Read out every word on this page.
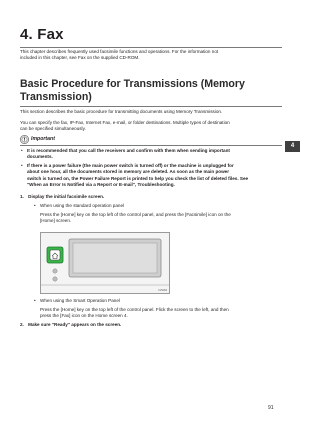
4. Fax
This chapter describes frequently used facsimile functions and operations. For the information not
included in this chapter, see Fax on the supplied CD-ROM.
Basic Procedure for Transmissions (Memory
Transmission)
This section describes the basic procedure for transmitting documents using Memory Transmission.
You can specify the fax, IP-Fax, Internet Fax, e-mail, or folder destinations. Multiple types of destination
can be specified simultaneously.
Important
• It is recommended that you call the receivers and confirm with them when sending important
documents.
• If there is a power failure (the main power switch is turned off) or the machine is unplugged for
about one hour, all the documents stored in memory are deleted. As soon as the main power
switch is turned on, the Power Failure Report is printed to help you check the list of deleted files. See
"When an Error Is Notified via a Report or E-mail", Troubleshooting.
1. Display the initial facsimile screen.
• When using the standard operation panel
Press the [Home] key on the top left of the control panel, and press the [Facsimile] icon on the
[Home] screen.
CVS004
• When using the Smart Operation Panel
Press the [Home] key on the top left of the control panel. Flick the screen to the left, and then
press the [Fax] icon on the Home screen 4.
2. Make sure "Ready" appears on the screen.
4
91
